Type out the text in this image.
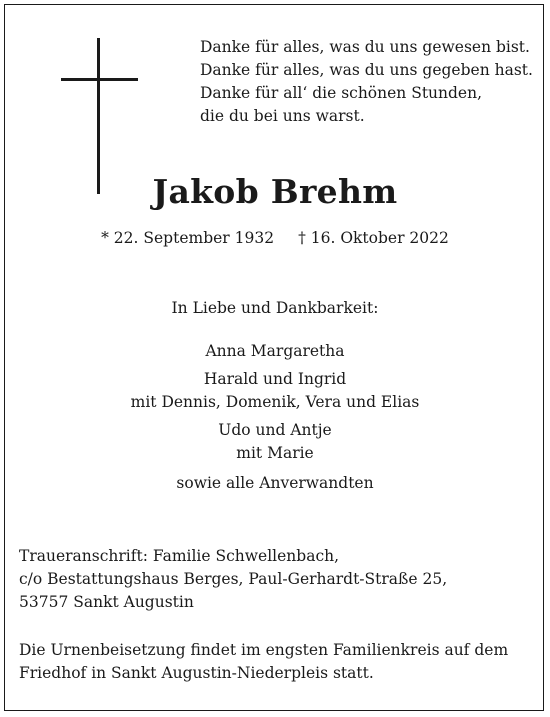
Danke für alles, was du uns gewesen bist.
Danke für alles, was du uns gegeben hast.
Danke für all‘ die schönen Stunden,
die du bei uns warst.
Jakob Brehm
* 22. September 1932 † 16. Oktober 2022
In Liebe und Dankbarkeit:
Anna Margaretha
Harald und Ingrid
mit Dennis, Domenik, Vera und Elias
Udo und Antje
mit Marie
sowie alle Anverwandten
Traueranschrift: Familie Schwellenbach,
c/o Bestattungshaus Berges, Paul-Gerhardt-Straße 25,
53757 Sankt Augustin
Die Urnenbeisetzung findet im engsten Familienkreis auf dem
Friedhof in Sankt Augustin-Niederpleis statt.
